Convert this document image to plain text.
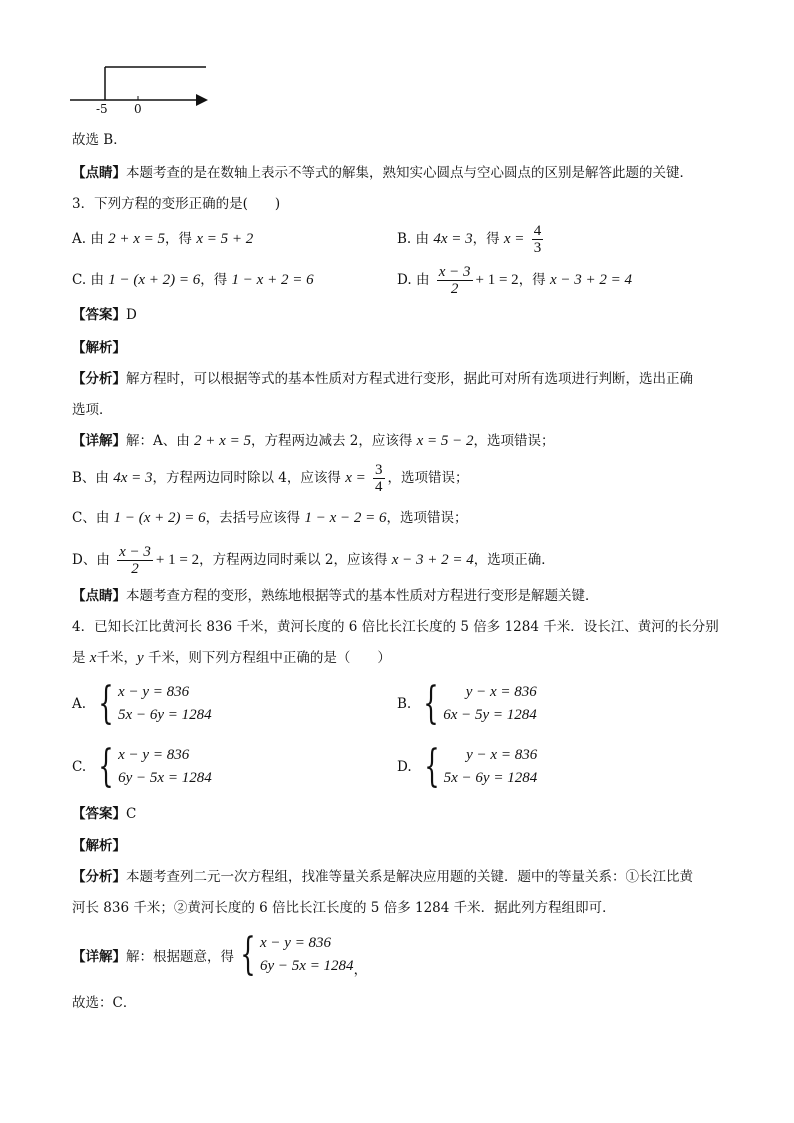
-5 0
故选 B．
【点睛】本题考查的是在数轴上表示不等式的解集，熟知实心圆点与空心圆点的区别是解答此题的关键．
3．下列方程的变形正确的是(　　)
A. 由 2 + x = 5，得 x = 5 + 2	B. 由 4x = 3，得 $x = \frac{4}{3}$
C. 由 1 − (x + 2) = 6，得 1 − x + 2 = 6	D. 由 $\frac{x - 3}{2} + 1 = 2$，得 x − 3 + 2 = 4
【答案】D
【解析】
【分析】解方程时，可以根据等式的基本性质对方程式进行变形，据此可对所有选项进行判断，选出正确
选项．
【详解】解：A、由 2 + x = 5，方程两边减去 2，应该得 x = 5 − 2，选项错误；
B、由 4x = 3，方程两边同时除以 4，应该得 $x = \frac{3}{4}$ ，选项错误；
C、由 1 − (x + 2) = 6，去括号应该得 1 − x − 2 = 6，选项错误；
D、由 $\frac{x - 3}{2} + 1 = 2$，方程两边同时乘以 2，应该得 x − 3 + 2 = 4，选项正确．
【点睛】本题考查方程的变形，熟练地根据等式的基本性质对方程进行变形是解题关键．
4．已知长江比黄河长 836 千米，黄河长度的 6 倍比长江长度的 5 倍多 1284 千米．设长江、黄河的长分别
是 x千米，y 千米，则下列方程组中正确的是（　　）
A. { x − y = 836
5x − 6y = 1284
B. {	y − x = 836
6x − 5y = 1284
C. { x − y = 836
6y − 5x = 1284
D. {	y − x = 836
5x − 6y = 1284
【答案】C
【解析】
【分析】本题考查列二元一次方程组，找准等量关系是解决应用题的关键．题中的等量关系：①长江比黄
河长 836 千米；②黄河长度的 6 倍比长江长度的 5 倍多 1284 千米．据此列方程组即可．
【详解】 解：根据题意，得 { x − y = 836
6y − 5x = 1284 ，
故选：C．
